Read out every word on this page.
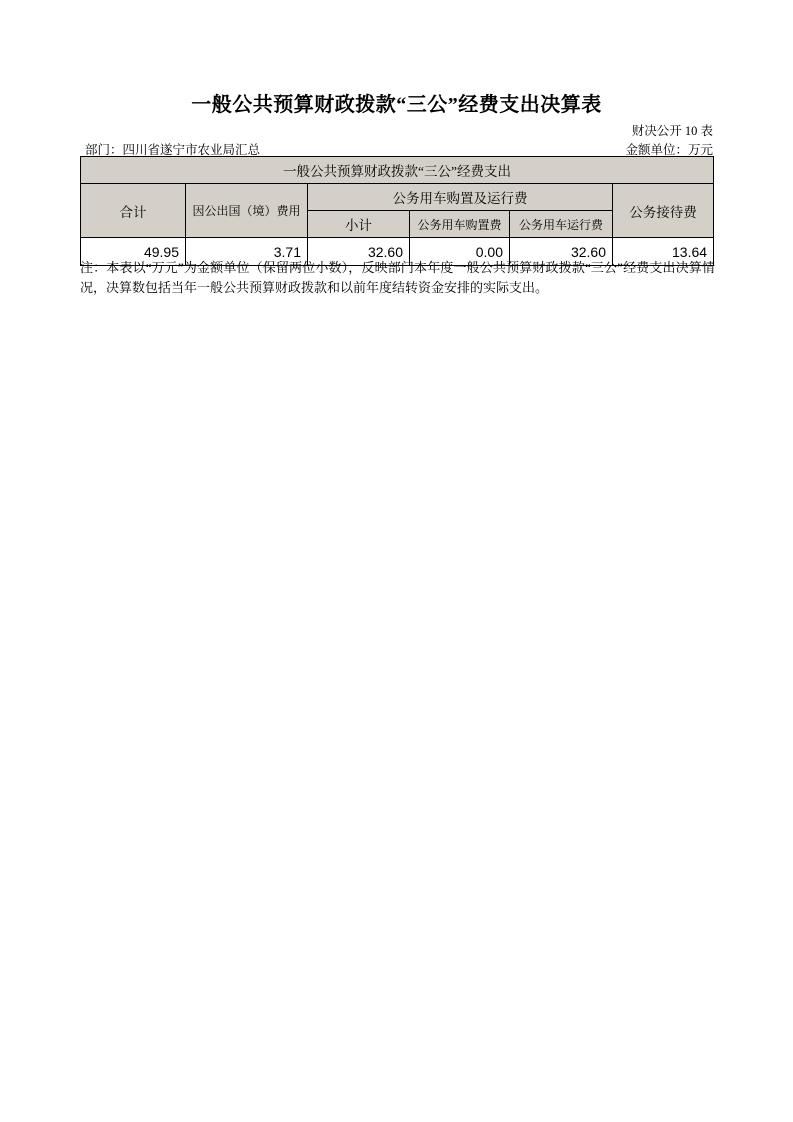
一般公共预算财政拨款“三公”经费支出决算表
财决公开 10 表
金额单位：万元
部门：四川省遂宁市农业局汇总
一般公共预算财政拨款“三公”经费支出					
合计	因公出国（境）费用	公务用车购置及运行费			公务接待费
		小计	公务用车购置费	公务用车运行费	
49.95	3.71	32.60	0.00	32.60	13.64
注：本表以“万元”为金额单位（保留两位小数），反映部门本年度一般公共预算财政拨款“三公”经费支出决算情况，决算数包括当年一般公共预算财政拨款和以前年度结转资金安排的实际支出。
